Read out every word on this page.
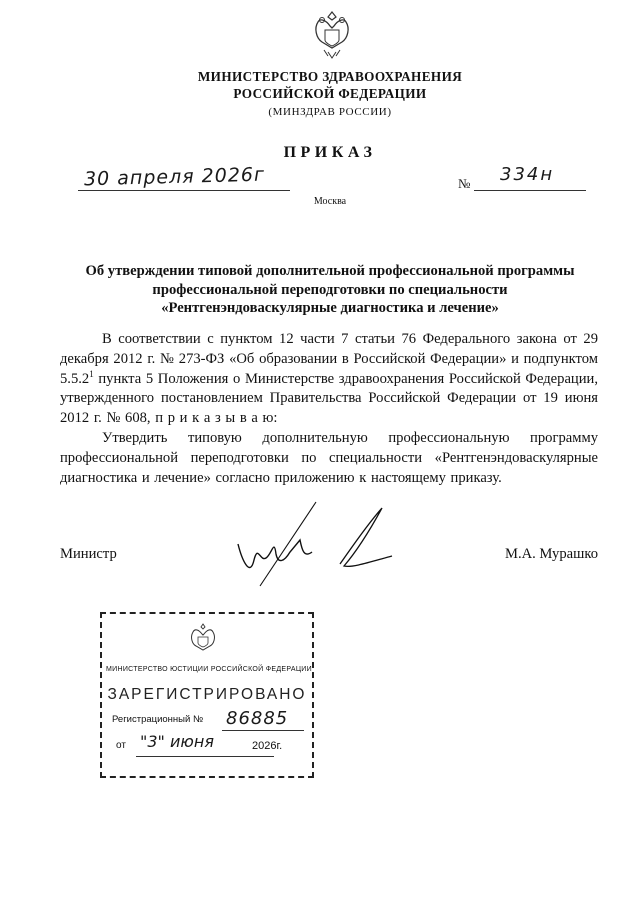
МИНИСТЕРСТВО ЗДРАВООХРАНЕНИЯ
РОССИЙСКОЙ ФЕДЕРАЦИИ
(МИНЗДРАВ РОССИИ)
ПРИКАЗ
30 апреля 2026г	№ 334н
Москва
Об утверждении типовой дополнительной профессиональной программы
профессиональной переподготовки по специальности
«Рентгенэндоваскулярные диагностика и лечение»

В соответствии с пунктом 12 части 7 статьи 76 Федерального закона от 29 декабря 2012 г. № 273-ФЗ «Об образовании в Российской Федерации» и подпунктом 5.5.2$^1$ пункта 5 Положения о Министерстве здравоохранения Российской Федерации, утвержденного постановлением Правительства Российской Федерации от 19 июня 2012 г. № 608, п р и к а з ы в а ю:

Утвердить типовую дополнительную профессиональную программу профессиональной переподготовки по специальности «Рентгенэндоваскулярные диагностика и лечение» согласно приложению к настоящему приказу.

Министр	М.А. Мурашко
МИНИСТЕРСТВО ЮСТИЦИИ РОССИЙСКОЙ ФЕДЕРАЦИИ
ЗАРЕГИСТРИРОВАНО
Регистрационный № 86885
от "3" июня	2026г.
